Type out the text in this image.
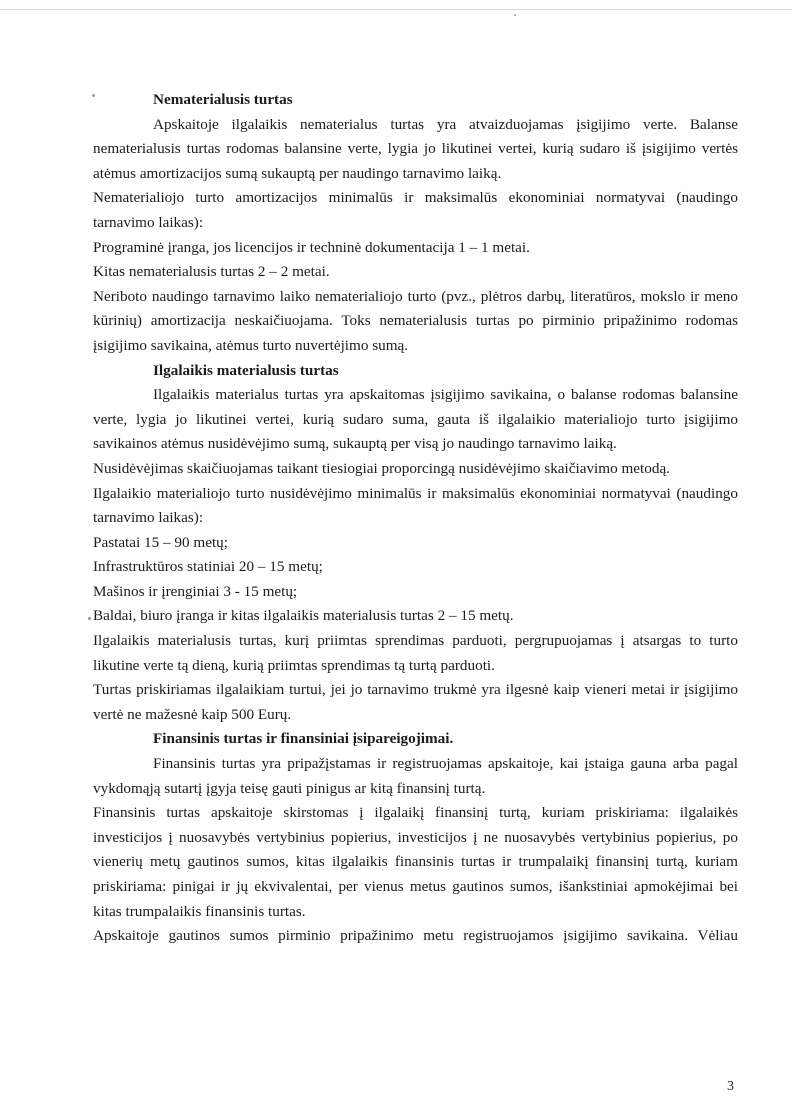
Nematerialusis turtas

Apskaitoje ilgalaikis nematerialus turtas yra atvaizduojamas įsigijimo verte. Balanse nematerialusis turtas rodomas balansine verte, lygia jo likutinei vertei, kurią sudaro iš įsigijimo vertės atėmus amortizacijos sumą sukauptą per naudingo tarnavimo laiką.

Nematerialiojo turto amortizacijos minimalūs ir maksimalūs ekonominiai normatyvai (naudingo tarnavimo laikas):

Programinė įranga, jos licencijos ir techninė dokumentacija 1 – 1 metai.

Kitas nematerialusis turtas 2 – 2 metai.

Neriboto naudingo tarnavimo laiko nematerialiojo turto (pvz., plėtros darbų, literatūros, mokslo ir meno kūrinių) amortizacija neskaičiuojama. Toks nematerialusis turtas po pirminio pripažinimo rodomas įsigijimo savikaina, atėmus turto nuvertėjimo sumą.

Ilgalaikis materialusis turtas

Ilgalaikis materialus turtas yra apskaitomas įsigijimo savikaina, o balanse rodomas balansine verte, lygia jo likutinei vertei, kurią sudaro suma, gauta iš ilgalaikio materialiojo turto įsigijimo savikainos atėmus nusidėvėjimo sumą, sukauptą per visą jo naudingo tarnavimo laiką.

Nusidėvėjimas skaičiuojamas taikant tiesiogiai proporcingą nusidėvėjimo skaičiavimo metodą.

Ilgalaikio materialiojo turto nusidėvėjimo minimalūs ir maksimalūs ekonominiai normatyvai (naudingo tarnavimo laikas):

Pastatai 15 – 90 metų;

Infrastruktūros statiniai 20 – 15 metų;

Mašinos ir įrenginiai 3 - 15 metų;

Baldai, biuro įranga ir kitas ilgalaikis materialusis turtas 2 – 15 metų.

Ilgalaikis materialusis turtas, kurį priimtas sprendimas parduoti, pergrupuojamas į atsargas to turto likutine verte tą dieną, kurią priimtas sprendimas tą turtą parduoti.

Turtas priskiriamas ilgalaikiam turtui, jei jo tarnavimo trukmė yra ilgesnė kaip vieneri metai ir įsigijimo vertė ne mažesnė kaip 500 Eurų.

Finansinis turtas ir finansiniai įsipareigojimai.

Finansinis turtas yra pripažįstamas ir registruojamas apskaitoje, kai įstaiga gauna arba pagal vykdomąją sutartį įgyja teisę gauti pinigus ar kitą finansinį turtą.

Finansinis turtas apskaitoje skirstomas į ilgalaikį finansinį turtą, kuriam priskiriama: ilgalaikės investicijos į nuosavybės vertybinius popierius, investicijos į ne nuosavybės vertybinius popierius, po vienerių metų gautinos sumos, kitas ilgalaikis finansinis turtas ir trumpalaikį finansinį turtą, kuriam priskiriama: pinigai ir jų ekvivalentai, per vienus metus gautinos sumos, išankstiniai apmokėjimai bei kitas trumpalaikis finansinis turtas.

Apskaitoje gautinos sumos pirminio pripažinimo metu registruojamos įsigijimo savikaina. Vėliau

3
